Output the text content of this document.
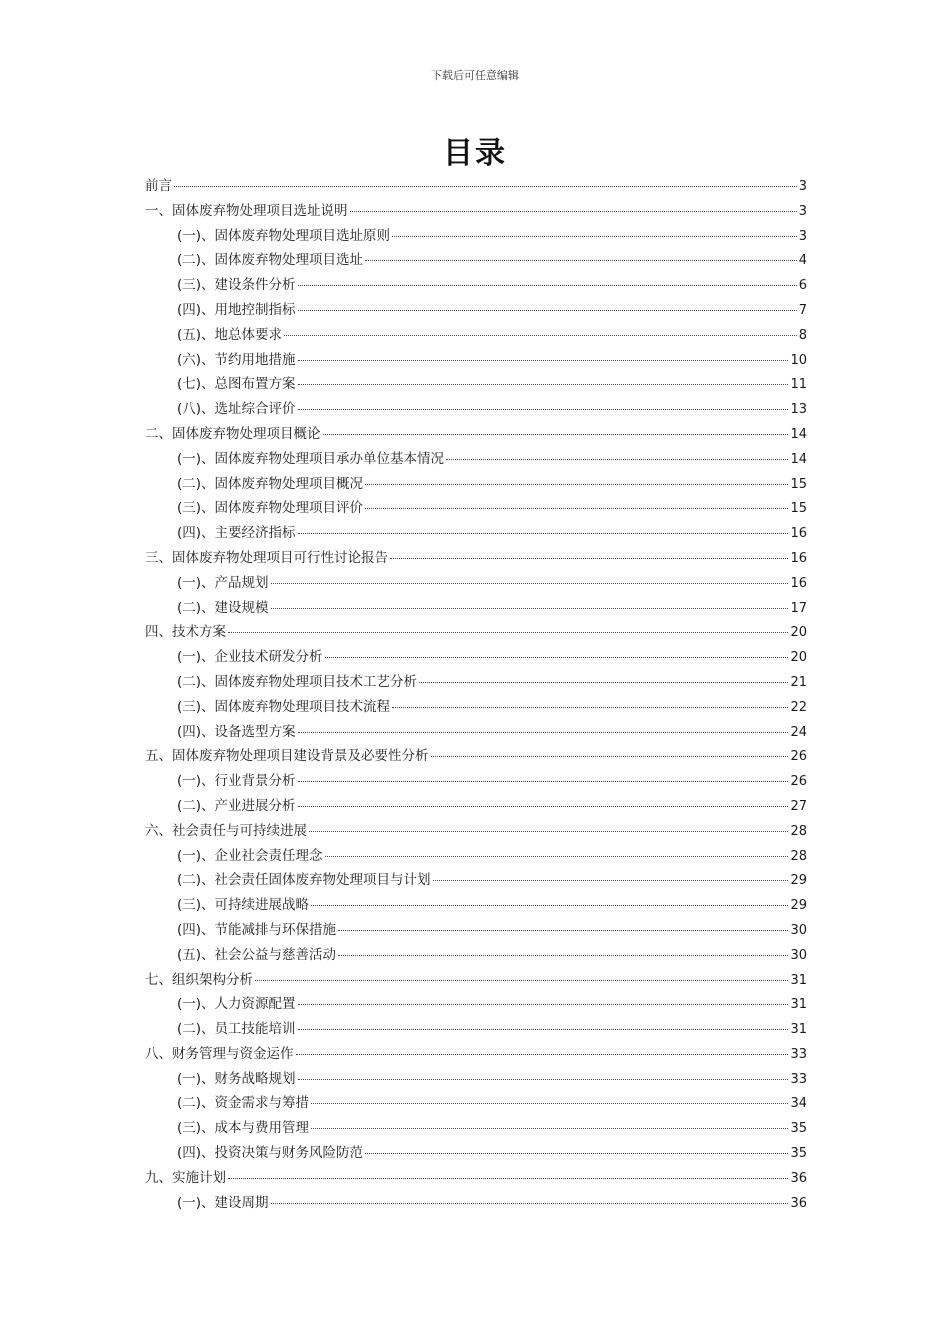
下载后可任意编辑
目录
前言	3
一、固体废弃物处理项目选址说明	3
(一)、固体废弃物处理项目选址原则	3
(二)、固体废弃物处理项目选址	4
(三)、建设条件分析	6
(四)、用地控制指标	7
(五)、地总体要求	8
(六)、节约用地措施	10
(七)、总图布置方案	11
(八)、选址综合评价	13
二、固体废弃物处理项目概论	14
(一)、固体废弃物处理项目承办单位基本情况	14
(二)、固体废弃物处理项目概况	15
(三)、固体废弃物处理项目评价	15
(四)、主要经济指标	16
三、固体废弃物处理项目可行性讨论报告	16
(一)、产品规划	16
(二)、建设规模	17
四、技术方案	20
(一)、企业技术研发分析	20
(二)、固体废弃物处理项目技术工艺分析	21
(三)、固体废弃物处理项目技术流程	22
(四)、设备选型方案	24
五、固体废弃物处理项目建设背景及必要性分析	26
(一)、行业背景分析	26
(二)、产业进展分析	27
六、社会责任与可持续进展	28
(一)、企业社会责任理念	28
(二)、社会责任固体废弃物处理项目与计划	29
(三)、可持续进展战略	29
(四)、节能减排与环保措施	30
(五)、社会公益与慈善活动	30
七、组织架构分析	31
(一)、人力资源配置	31
(二)、员工技能培训	31
八、财务管理与资金运作	33
(一)、财务战略规划	33
(二)、资金需求与筹措	34
(三)、成本与费用管理	35
(四)、投资决策与财务风险防范	35
九、实施计划	36
(一)、建设周期	36
